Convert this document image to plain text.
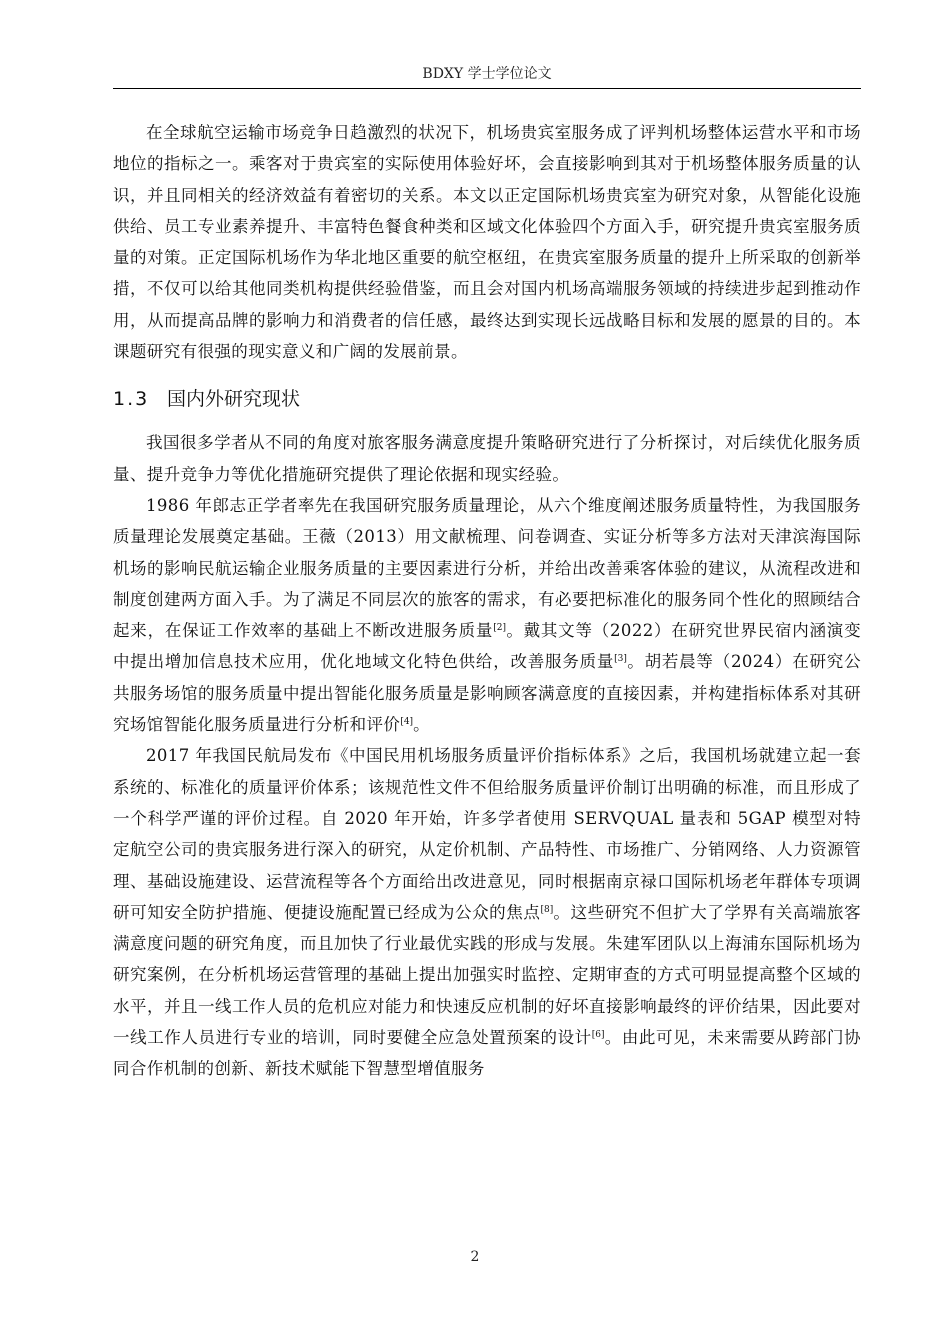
BDXY 学士学位论文

在全球航空运输市场竞争日趋激烈的状况下，机场贵宾室服务成了评判机场整体运营水平和市场地位的指标之一。乘客对于贵宾室的实际使用体验好坏，会直接影响到其对于机场整体服务质量的认识，并且同相关的经济效益有着密切的关系。本文以正定国际机场贵宾室为研究对象，从智能化设施供给、员工专业素养提升、丰富特色餐食种类和区域文化体验四个方面入手，研究提升贵宾室服务质量的对策。正定国际机场作为华北地区重要的航空枢纽，在贵宾室服务质量的提升上所采取的创新举措，不仅可以给其他同类机构提供经验借鉴，而且会对国内机场高端服务领域的持续进步起到推动作用，从而提高品牌的影响力和消费者的信任感，最终达到实现长远战略目标和发展的愿景的目的。本课题研究有很强的现实意义和广阔的发展前景。

1.3 国内外研究现状

我国很多学者从不同的角度对旅客服务满意度提升策略研究进行了分析探讨，对后续优化服务质量、提升竞争力等优化措施研究提供了理论依据和现实经验。

1986 年郎志正学者率先在我国研究服务质量理论，从六个维度阐述服务质量特性，为我国服务质量理论发展奠定基础。王薇（2013）用文献梳理、问卷调查、实证分析等多方法对天津滨海国际机场的影响民航运输企业服务质量的主要因素进行分析，并给出改善乘客体验的建议，从流程改进和制度创建两方面入手。为了满足不同层次的旅客的需求，有必要把标准化的服务同个性化的照顾结合起来，在保证工作效率的基础上不断改进服务质量[2]。戴其文等（2022）在研究世界民宿内涵演变中提出增加信息技术应用，优化地域文化特色供给，改善服务质量[3]。胡若晨等（2024）在研究公共服务场馆的服务质量中提出智能化服务质量是影响顾客满意度的直接因素，并构建指标体系对其研究场馆智能化服务质量进行分析和评价[4]。

2017 年我国民航局发布《中国民用机场服务质量评价指标体系》之后，我国机场就建立起一套系统的、标准化的质量评价体系；该规范性文件不但给服务质量评价制订出明确的标准，而且形成了一个科学严谨的评价过程。自 2020 年开始，许多学者使用 SERVQUAL 量表和 5GAP 模型对特定航空公司的贵宾服务进行深入的研究，从定价机制、产品特性、市场推广、分销网络、人力资源管理、基础设施建设、运营流程等各个方面给出改进意见，同时根据南京禄口国际机场老年群体专项调研可知安全防护措施、便捷设施配置已经成为公众的焦点[8]。这些研究不但扩大了学界有关高端旅客满意度问题的研究角度，而且加快了行业最优实践的形成与发展。朱建军团队以上海浦东国际机场为研究案例，在分析机场运营管理的基础上提出加强实时监控、定期审查的方式可明显提高整个区域的水平，并且一线工作人员的危机应对能力和快速反应机制的好坏直接影响最终的评价结果，因此要对一线工作人员进行专业的培训，同时要健全应急处置预案的设计[6]。由此可见，未来需要从跨部门协同合作机制的创新、新技术赋能下智慧型增值服务

2
